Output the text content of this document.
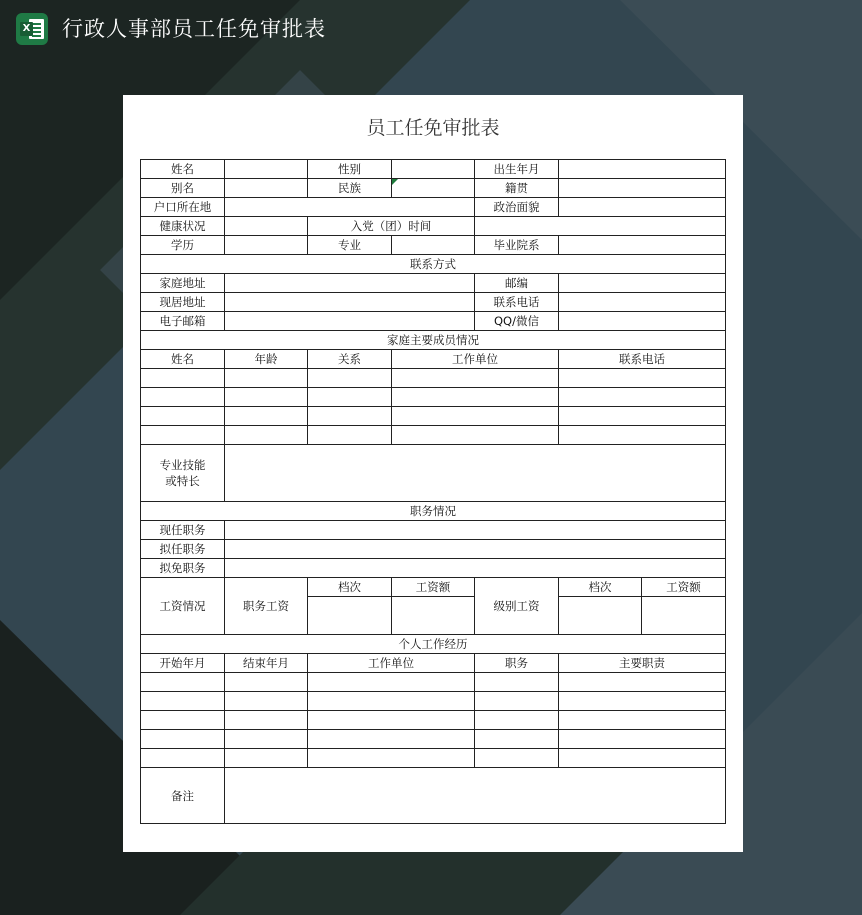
X 行政人事部员工任免审批表
员工任免审批表
姓名		性别		出生年月		
别名		民族		籍贯		
户口所在地				政治面貌		
健康状况		入党（团）时间				
学历		专业		毕业院系		
联系方式						
家庭地址				邮编		
现居地址				联系电话		
电子邮箱				QQ/微信		
家庭主要成员情况						
姓名	年龄	关系	工作单位		联系电话	

专业技能
或特长						
职务情况						
现任职务						
拟任职务						
拟免职务						
工资情况	职务工资	档次	工资额	级别工资	档次	工资额

个人工作经历						
开始年月	结束年月	工作单位		职务	主要职责	

备注						
